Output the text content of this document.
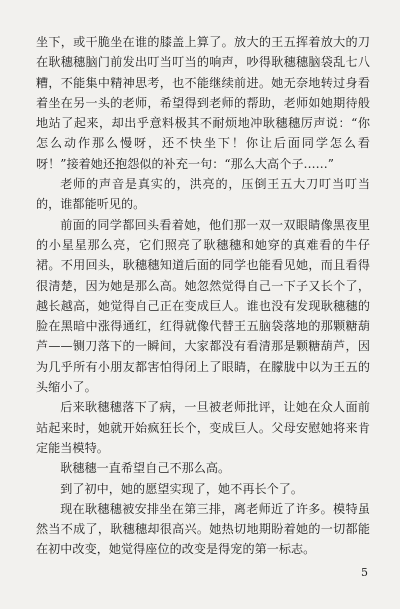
坐下，或干脆坐在谁的膝盖上算了。放大的王五挥着放大的刀在耿穗穗脑门前发出叮当叮当的响声，吵得耿穗穗脑袋乱七八糟，不能集中精神思考，也不能继续前进。她无奈地转过身看着坐在另一头的老师，希望得到老师的帮助，老师如她期待般地站了起来，却出乎意料极其不耐烦地冲耿穗穗厉声说：“你怎么动作那么慢呀，还不快坐下！你让后面同学怎么看呀！”接着她还抱怨似的补充一句：“那么大高个子……”

老师的声音是真实的，洪亮的，压倒王五大刀叮当叮当的，谁都能听见的。

前面的同学都回头看着她，他们那一双一双眼睛像黑夜里的小星星那么亮，它们照亮了耿穗穗和她穿的真难看的牛仔裙。不用回头，耿穗穗知道后面的同学也能看见她，而且看得很清楚，因为她是那么高。她忽然觉得自己一下子又长个了，越长越高，她觉得自己正在变成巨人。谁也没有发现耿穗穗的脸在黑暗中涨得通红，红得就像代替王五脑袋落地的那颗糖葫芦——铡刀落下的一瞬间，大家都没有看清那是颗糖葫芦，因为几乎所有小朋友都害怕得闭上了眼睛，在朦胧中以为王五的头缩小了。

后来耿穗穗落下了病，一旦被老师批评，让她在众人面前站起来时，她就开始疯狂长个，变成巨人。父母安慰她将来肯定能当模特。

耿穗穗一直希望自己不那么高。

到了初中，她的愿望实现了，她不再长个了。

现在耿穗穗被安排坐在第三排，离老师近了许多。模特虽然当不成了，耿穗穗却很高兴。她热切地期盼着她的一切都能在初中改变，她觉得座位的改变是得宠的第一标志。

5
